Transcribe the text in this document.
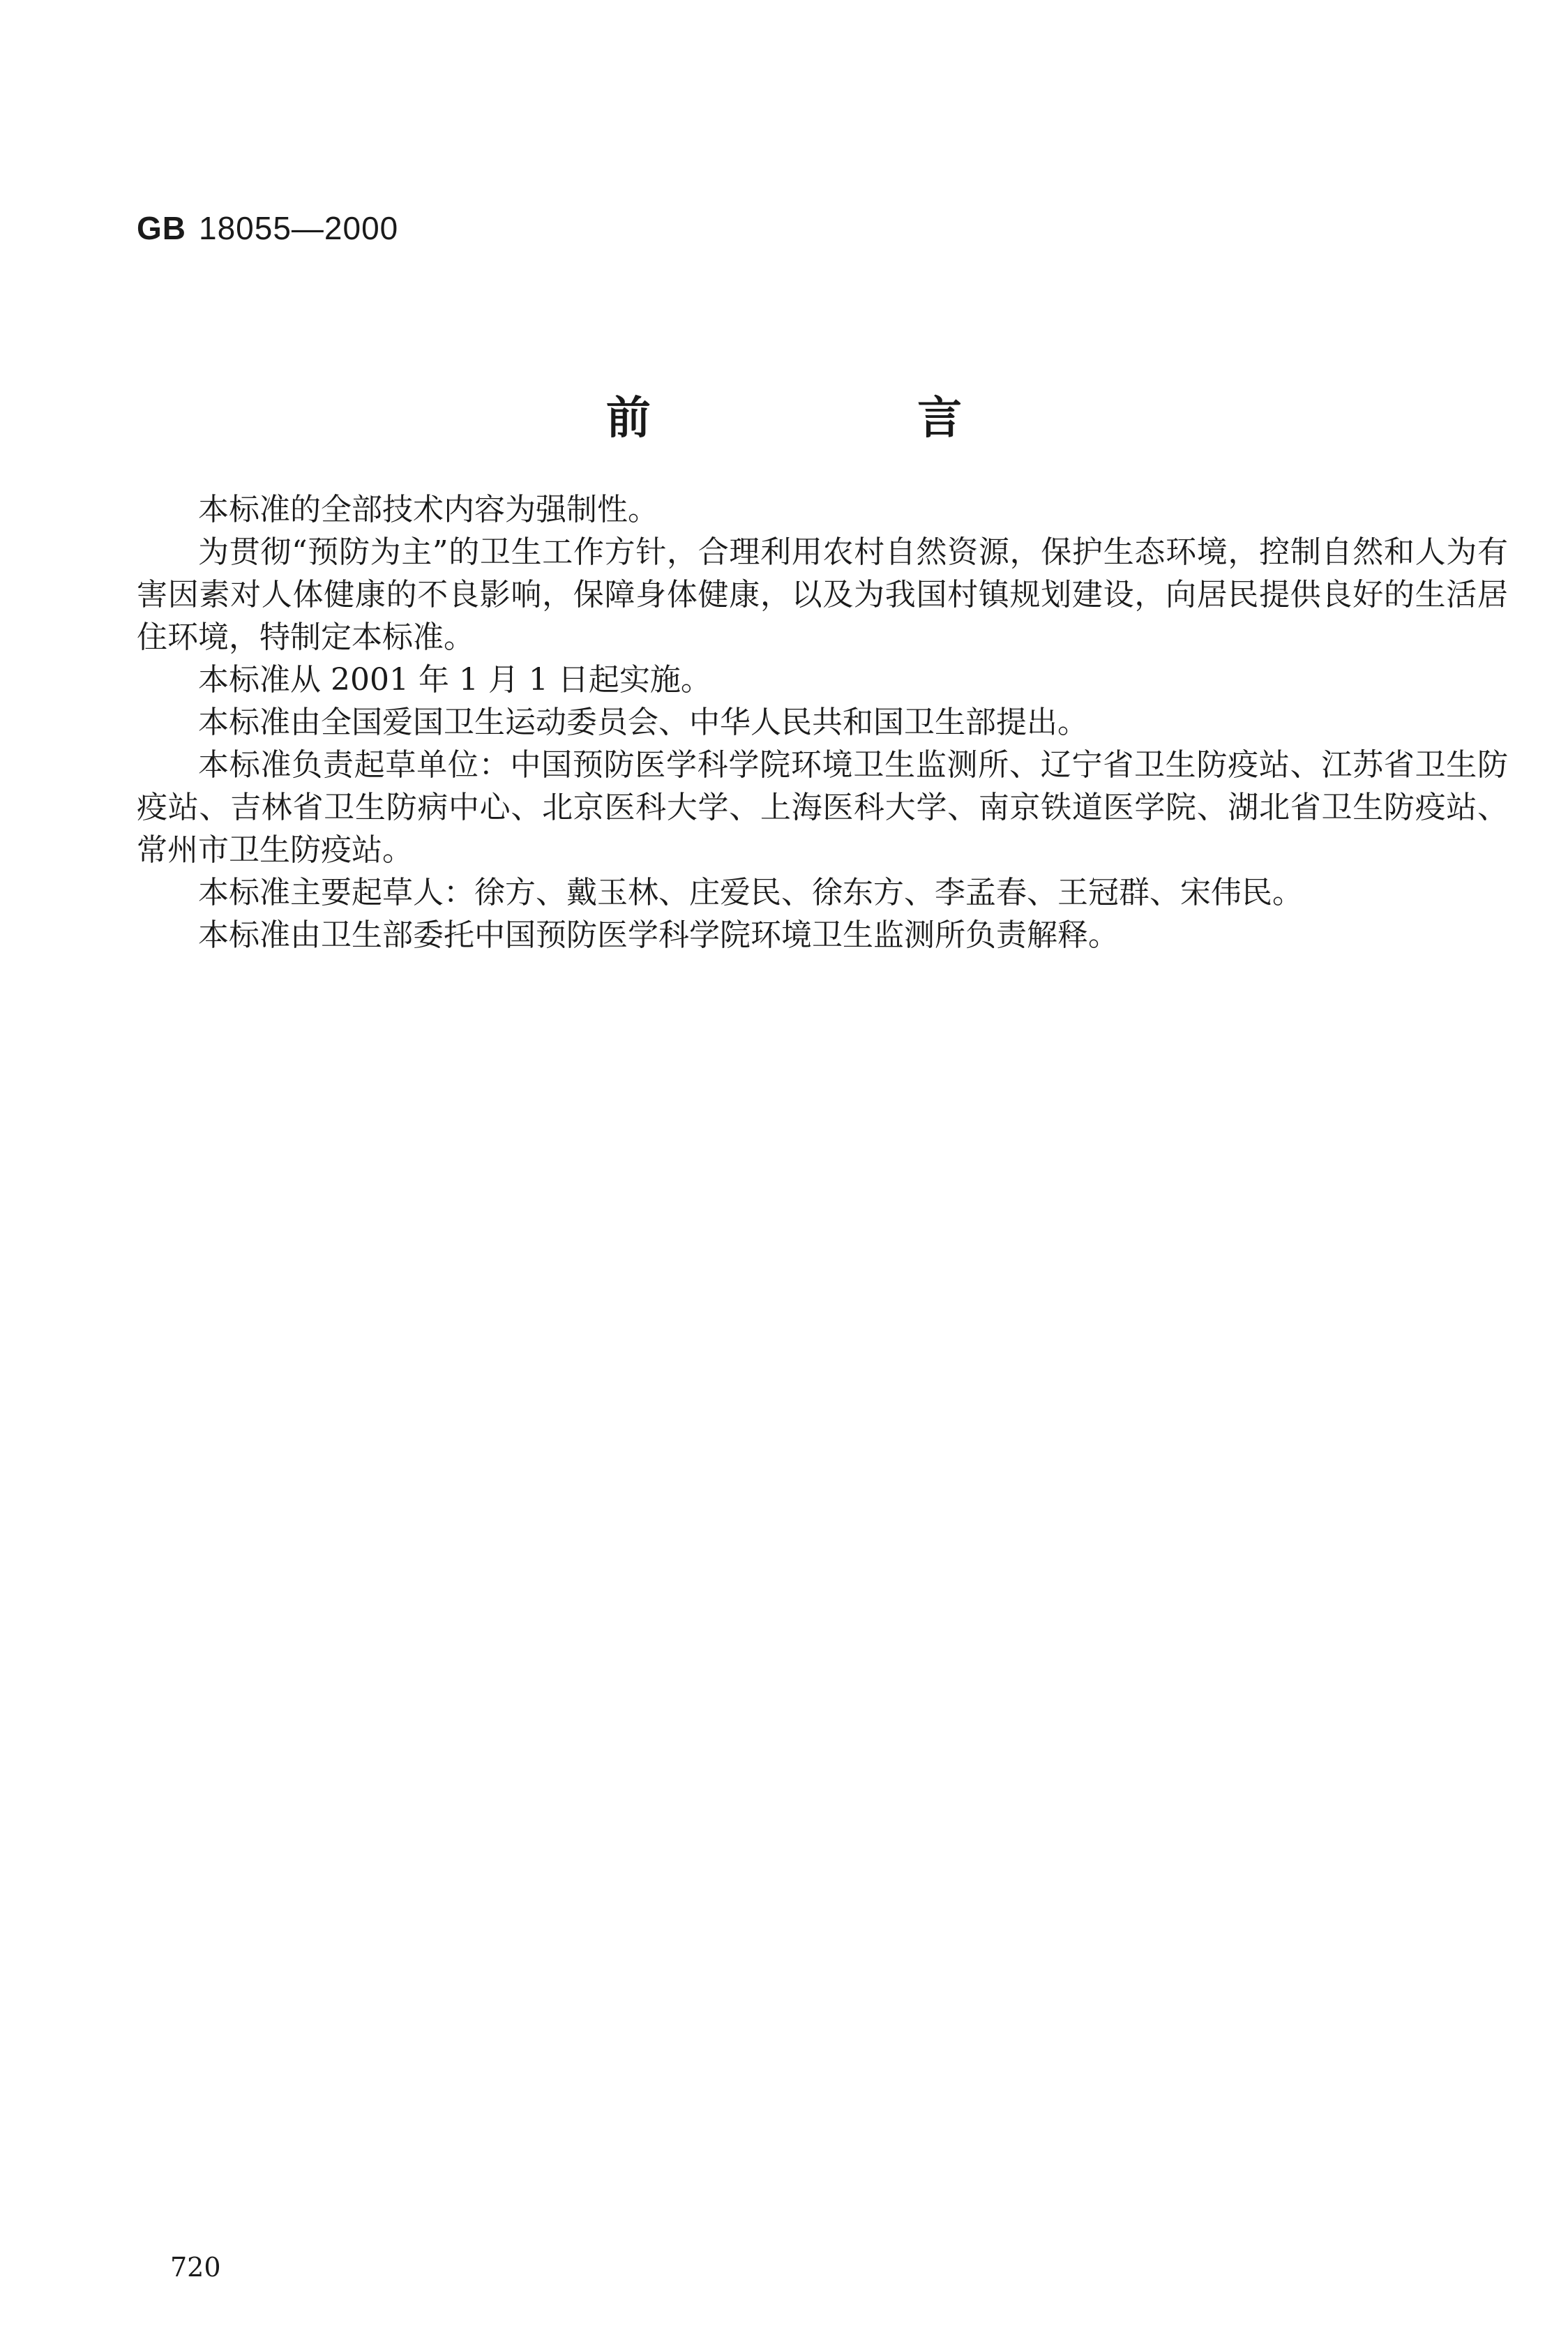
GB 18055—2000
前 言

本标准的全部技术内容为强制性。

为贯彻“预防为主”的卫生工作方针，合理利用农村自然资源，保护生态环境，控制自然和人为有害因素对人体健康的不良影响，保障身体健康，以及为我国村镇规划建设，向居民提供良好的生活居住环境，特制定本标准。

本标准从 2001 年 1 月 1 日起实施。

本标准由全国爱国卫生运动委员会、中华人民共和国卫生部提出。

本标准负责起草单位：中国预防医学科学院环境卫生监测所、辽宁省卫生防疫站、江苏省卫生防疫站、吉林省卫生防病中心、北京医科大学、上海医科大学、南京铁道医学院、湖北省卫生防疫站、常州市卫生防疫站。

本标准主要起草人：徐方、戴玉林、庄爱民、徐东方、李孟春、王冠群、宋伟民。

本标准由卫生部委托中国预防医学科学院环境卫生监测所负责解释。

720
